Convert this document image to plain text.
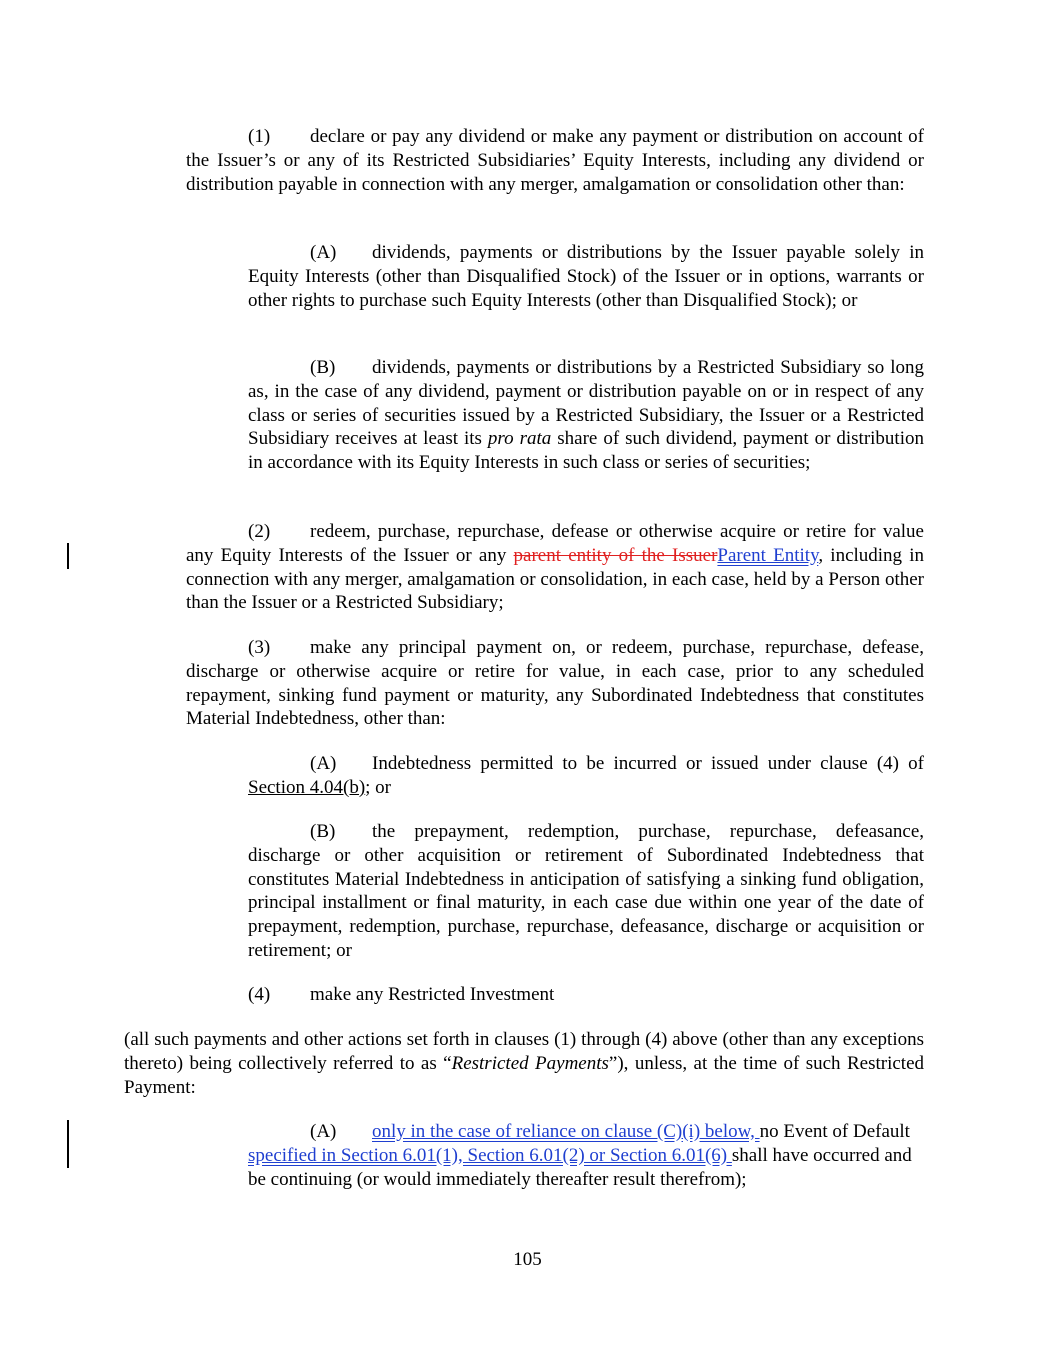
(1) declare or pay any dividend or make any payment or distribution on account of the Issuer’s or any of its Restricted Subsidiaries’ Equity Interests, including any dividend or distribution payable in connection with any merger, amalgamation or consolidation other than:
(A) dividends, payments or distributions by the Issuer payable solely in Equity Interests (other than Disqualified Stock) of the Issuer or in options, warrants or other rights to purchase such Equity Interests (other than Disqualified Stock); or
(B) dividends, payments or distributions by a Restricted Subsidiary so long as, in the case of any dividend, payment or distribution payable on or in respect of any class or series of securities issued by a Restricted Subsidiary, the Issuer or a Restricted Subsidiary receives at least its pro rata share of such dividend, payment or distribution in accordance with its Equity Interests in such class or series of securities;
(2) redeem, purchase, repurchase, defease or otherwise acquire or retire for value any Equity Interests of the Issuer or any parent entity of the IssuerParent Entity, including in connection with any merger, amalgamation or consolidation, in each case, held by a Person other than the Issuer or a Restricted Subsidiary;
(3) make any principal payment on, or redeem, purchase, repurchase, defease, discharge or otherwise acquire or retire for value, in each case, prior to any scheduled repayment, sinking fund payment or maturity, any Subordinated Indebtedness that constitutes Material Indebtedness, other than:
(A) Indebtedness permitted to be incurred or issued under clause (4) of Section 4.04(b); or
(B) the prepayment, redemption, purchase, repurchase, defeasance, discharge or other acquisition or retirement of Subordinated Indebtedness that constitutes Material Indebtedness in anticipation of satisfying a sinking fund obligation, principal installment or final maturity, in each case due within one year of the date of prepayment, redemption, purchase, repurchase, defeasance, discharge or acquisition or retirement; or
(4) make any Restricted Investment
(all such payments and other actions set forth in clauses (1) through (4) above (other than any exceptions thereto) being collectively referred to as “Restricted Payments”), unless, at the time of such Restricted Payment:
(A) only in the case of reliance on clause (C)(i) below, no Event of Default specified in Section 6.01(1), Section 6.01(2) or Section 6.01(6) shall have occurred and be continuing (or would immediately thereafter result therefrom);
105
